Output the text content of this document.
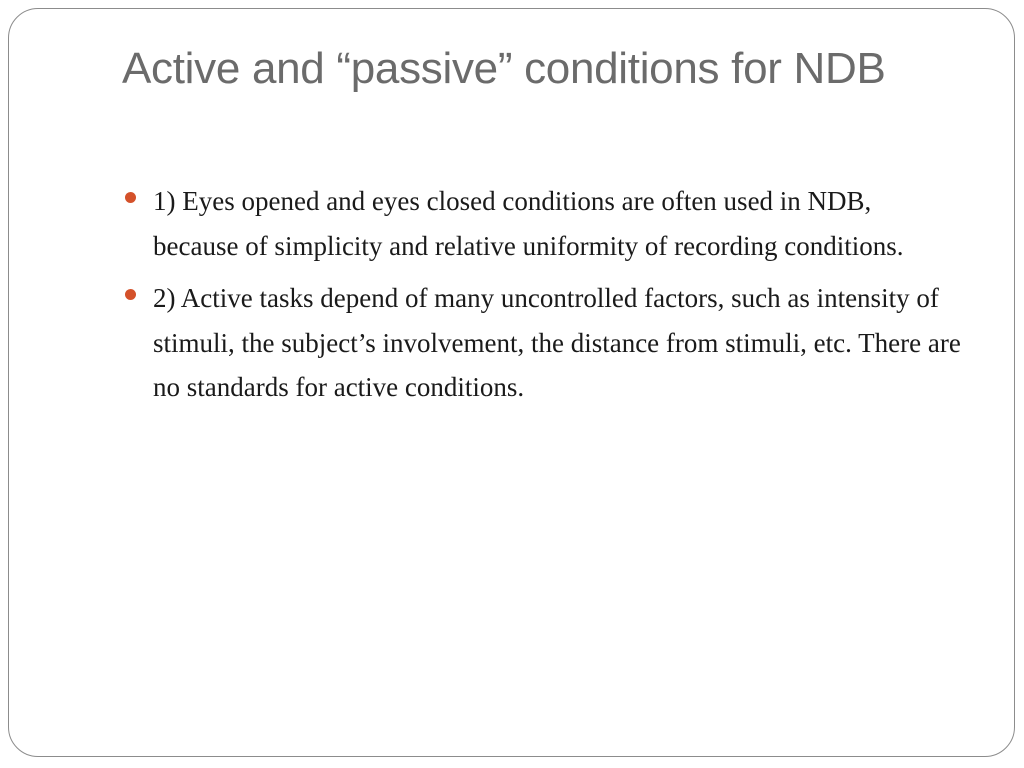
Active and “passive” conditions for NDB
1) Eyes opened and eyes closed conditions are often used in NDB, because of simplicity and relative uniformity of recording conditions.
2) Active tasks depend of many uncontrolled factors, such as intensity of stimuli, the subject’s involvement, the distance from stimuli, etc. There are no standards for active conditions.
